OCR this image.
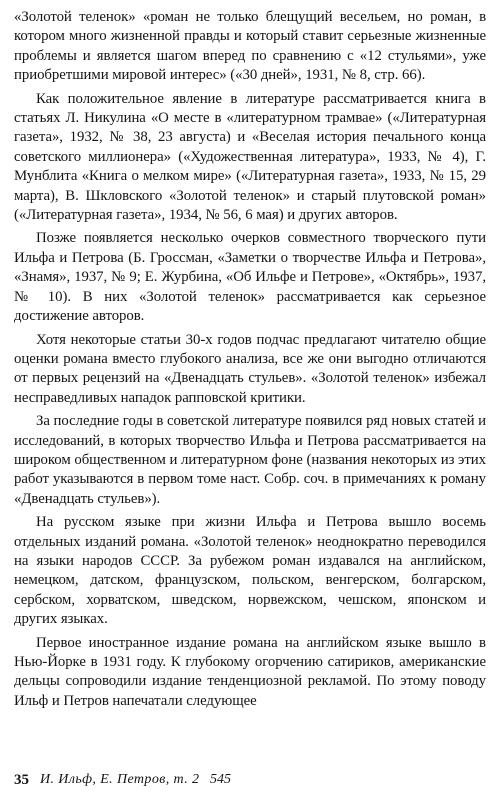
«Золотой теленок» «роман не только блещущий весельем, но роман, в котором много жизненной правды и который ставит серьезные жизненные проблемы и является шагом вперед по сравнению с «12 стульями», уже приобретшими мировой интерес» («30 дней», 1931, № 8, стр. 66).

Как положительное явление в литературе рассматривается книга в статьях Л. Никулина «О месте в «литературном трамвае» («Литературная газета», 1932, № 38, 23 августа) и «Веселая история печального конца советского миллионера» («Художественная литература», 1933, № 4), Г. Мунблита «Книга о мелком мире» («Литературная газета», 1933, № 15, 29 марта), В. Шкловского «Золотой теленок» и старый плутовской роман» («Литературная газета», 1934, № 56, 6 мая) и других авторов.

Позже появляется несколько очерков совместного творческого пути Ильфа и Петрова (Б. Гроссман, «Заметки о творчестве Ильфа и Петрова», «Знамя», 1937, № 9; Е. Журбина, «Об Ильфе и Петрове», «Октябрь», 1937, № 10). В них «Золотой теленок» рассматривается как серьезное достижение авторов.

Хотя некоторые статьи 30-х годов подчас предлагают читателю общие оценки романа вместо глубокого анализа, все же они выгодно отличаются от первых рецензий на «Двенадцать стульев». «Золотой теленок» избежал несправедливых нападок рапповской критики.

За последние годы в советской литературе появился ряд новых статей и исследований, в которых творчество Ильфа и Петрова рассматривается на широком общественном и литературном фоне (названия некоторых из этих работ указываются в первом томе наст. Собр. соч. в примечаниях к роману «Двенадцать стульев»).

На русском языке при жизни Ильфа и Петрова вышло восемь отдельных изданий романа. «Золотой теленок» неоднократно переводился на языки народов СССР. За рубежом роман издавался на английском, немецком, датском, французском, польском, венгерском, болгарском, сербском, хорватском, шведском, норвежском, чешском, японском и других языках.

Первое иностранное издание романа на английском языке вышло в Нью-Йорке в 1931 году. К глубокому огорчению сатириков, американские дельцы сопроводили издание тенденциозной рекламой. По этому поводу Ильф и Петров напечатали следующее

35 И. Ильф, Е. Петров, т. 2 545
